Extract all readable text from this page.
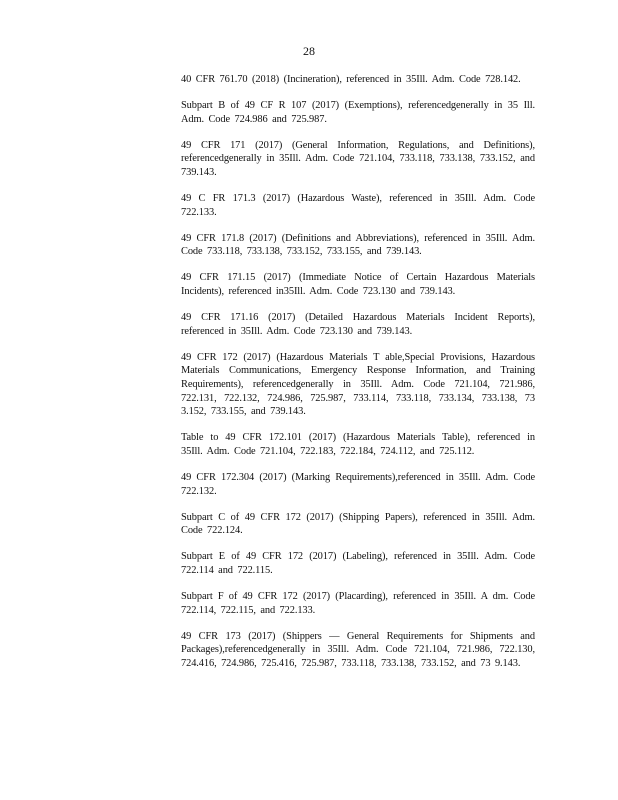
28
40 CFR 761.70 (2018) (Incineration), referenced in 35Ill. Adm. Code 728.142.
Subpart B of 49 CF R 107 (2017) (Exemptions), referencedgenerally in 35 Ill. Adm. Code 724.986 and 725.987.
49 CFR 171 (2017) (General Information, Regulations, and Definitions), referencedgenerally in 35Ill. Adm. Code 721.104, 733.118, 733.138, 733.152, and 739.143.
49 C FR 171.3 (2017) (Hazardous Waste), referenced in 35Ill. Adm. Code 722.133.
49 CFR 171.8 (2017) (Definitions and Abbreviations), referenced in 35Ill. Adm. Code 733.118, 733.138, 733.152, 733.155, and 739.143.
49 CFR 171.15 (2017) (Immediate Notice of Certain Hazardous Materials Incidents), referenced in35Ill. Adm. Code 723.130 and 739.143.
49 CFR 171.16 (2017) (Detailed Hazardous Materials Incident Reports), referenced in 35Ill. Adm. Code 723.130 and 739.143.
49 CFR 172 (2017) (Hazardous Materials T able,Special Provisions, Hazardous Materials Communications, Emergency Response Information, and Training Requirements), referencedgenerally in 35Ill. Adm. Code 721.104, 721.986, 722.131, 722.132, 724.986, 725.987, 733.114, 733.118, 733.134, 733.138, 73 3.152, 733.155, and 739.143.
Table to 49 CFR 172.101 (2017) (Hazardous Materials Table), referenced in 35Ill. Adm. Code 721.104, 722.183, 722.184, 724.112, and 725.112.
49 CFR 172.304 (2017) (Marking Requirements),referenced in 35Ill. Adm. Code 722.132.
Subpart C of 49 CFR 172 (2017) (Shipping Papers), referenced in 35Ill. Adm. Code 722.124.
Subpart E of 49 CFR 172 (2017) (Labeling), referenced in 35Ill. Adm. Code 722.114 and 722.115.
Subpart F of 49 CFR 172 (2017) (Placarding), referenced in 35Ill. A dm. Code 722.114, 722.115, and 722.133.
49 CFR 173 (2017) (Shippers — General Requirements for Shipments and Packages),referencedgenerally in 35Ill. Adm. Code 721.104, 721.986, 722.130, 724.416, 724.986, 725.416, 725.987, 733.118, 733.138, 733.152, and 73 9.143.
